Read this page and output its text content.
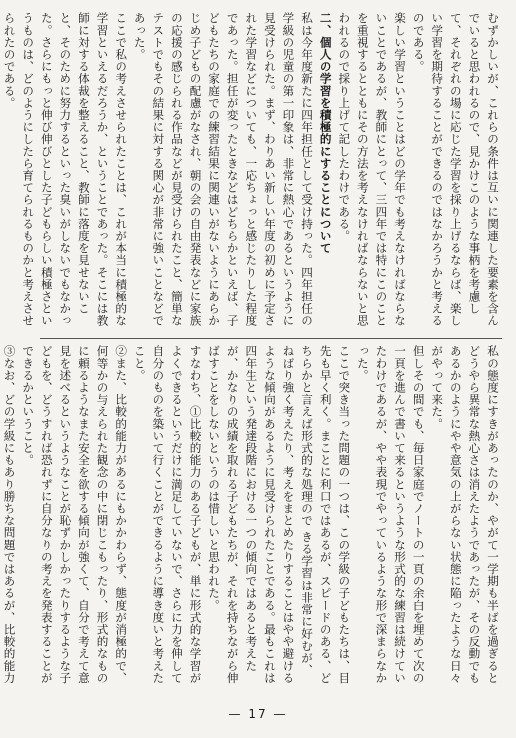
むずかしいが、これらの条件は互いに関連した要素を含んでいると思われるので、見かけこのような事柄を考慮して、それぞれの場に応じた学習を採り上げるならば、楽しい学習を期待することができるのではなかろうかと考えるのである。

楽しい学習ということはどの学年でも考えなければならないことであるが、教師にとって、三四年では特にこのことを重視するとともにその方法を考えなければならないと思われるので採り上げて記したわけである。

二、個人の学習を積極的にすることについて

私は今年度新たに四年担任として受け持った。四年担任の学級の児童の第一印象は、非常に熱心であるというように見受けられた。まず、わりあい新しい年度の初めに予定された学習などについても、一応ちょっと感じたりした程度であった。担任が変ったときなどはどちらかといえば、子どもたちの家庭での練習結果に関連いがないようにあらかじめ子どもの配慮がなされ、朝の会の自由発表などに家族の応援の感じられる作品などが見受けられたこと、簡単なテストでもその結果に対する関心が非常に強いことなどであった。

ここで私の考えさせられたことは、これが本当に積極的な学習といえるだろうか、ということであった。そこには教師に対する体裁を整えること、教師に落度を見せないこと、そのために努力するといった臭いがしないでもなかった。さらにもっと伸び伸びとした子どもらしい積極さというものは、どのようにしたら育てられるものかと考えさせられたのである。

私の態度にすきがあったのか、やがて一学期も半ばを過ぎるとどうやら異常な熱心さは消えたようであったが、その反動でもあるかのようにやや意気の上がらない状態に陥ったような日々がやって来た。

但しその間でも、毎日家庭でノートの一頁の余白を埋めて次の一頁を進んで書いて来るというような形式的な練習は続けていたわけであるが、やや表現でやっているような形で深まらなかった。

ここで突き当った問題の一つは、この学級の子どもたちは、目先も早く利く。まことに利口ではあるが、スピードのある、どちらかと言えば形式的な処理ので きる学習は非常に好むが、ねばり強く考えたり、考えをまとめたりすることはやや避けるような傾向があるように見受けられたことである。最もこれは四年生という発達段階における一つの傾向ではあると考えたが、かなりの成績を取れる子どもたちが、それを持ちながら伸ばすことをしないというのは惜しいと思われた。

すなわち、①比較的能力のある子どもが、単に形式的な学習がよくできるというだけに満足していないで、さらに力を伸して自分のものを築いて行くことができるように導き度いと考えたこと。

②また、比較的能力があるにもかかわらず、態度が消極的で、何等かの与えられた観念の中に閉じこもったり、形式的なものに頼るようなまた安全を欲する傾向が強くて、自分で考えて意見を述べるというようなことが恥ずかしかったりするような子どもを、どうすれば恐れずに自分なりの考えを発表することができるかということ。

③なお、どの学級にもあり勝ちな問題ではあるが、比較的能力

— 17 —
